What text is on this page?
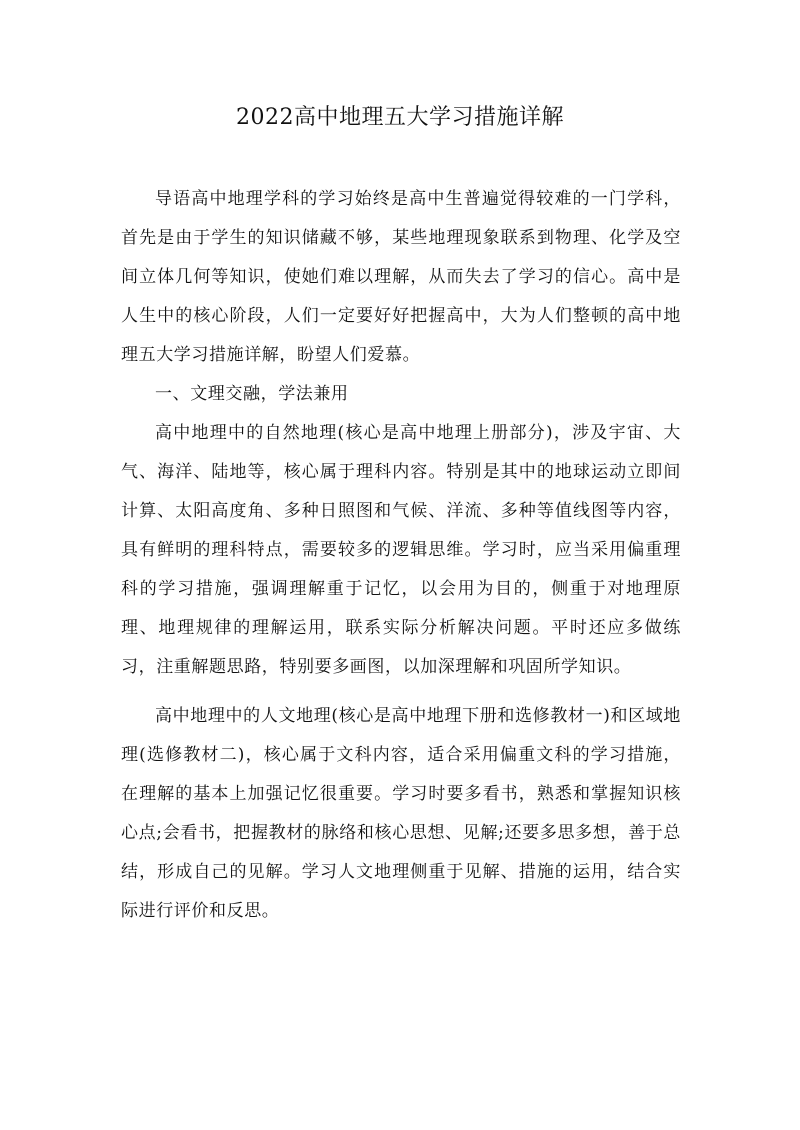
2022高中地理五大学习措施详解

导语高中地理学科的学习始终是高中生普遍觉得较难的一门学科，首先是由于学生的知识储藏不够，某些地理现象联系到物理、化学及空间立体几何等知识，使她们难以理解，从而失去了学习的信心。高中是人生中的核心阶段，人们一定要好好把握高中，大为人们整顿的高中地理五大学习措施详解，盼望人们爱慕。

一、文理交融，学法兼用

高中地理中的自然地理(核心是高中地理上册部分)，涉及宇宙、大气、海洋、陆地等，核心属于理科内容。特别是其中的地球运动立即间计算、太阳高度角、多种日照图和气候、洋流、多种等值线图等内容，具有鲜明的理科特点，需要较多的逻辑思维。学习时，应当采用偏重理科的学习措施，强调理解重于记忆，以会用为目的，侧重于对地理原理、地理规律的理解运用，联系实际分析解决问题。平时还应多做练习，注重解题思路，特别要多画图，以加深理解和巩固所学知识。

高中地理中的人文地理(核心是高中地理下册和选修教材一)和区域地理(选修教材二)，核心属于文科内容，适合采用偏重文科的学习措施，在理解的基本上加强记忆很重要。学习时要多看书，熟悉和掌握知识核心点;会看书，把握教材的脉络和核心思想、见解;还要多思多想，善于总结，形成自己的见解。学习人文地理侧重于见解、措施的运用，结合实际进行评价和反思。
